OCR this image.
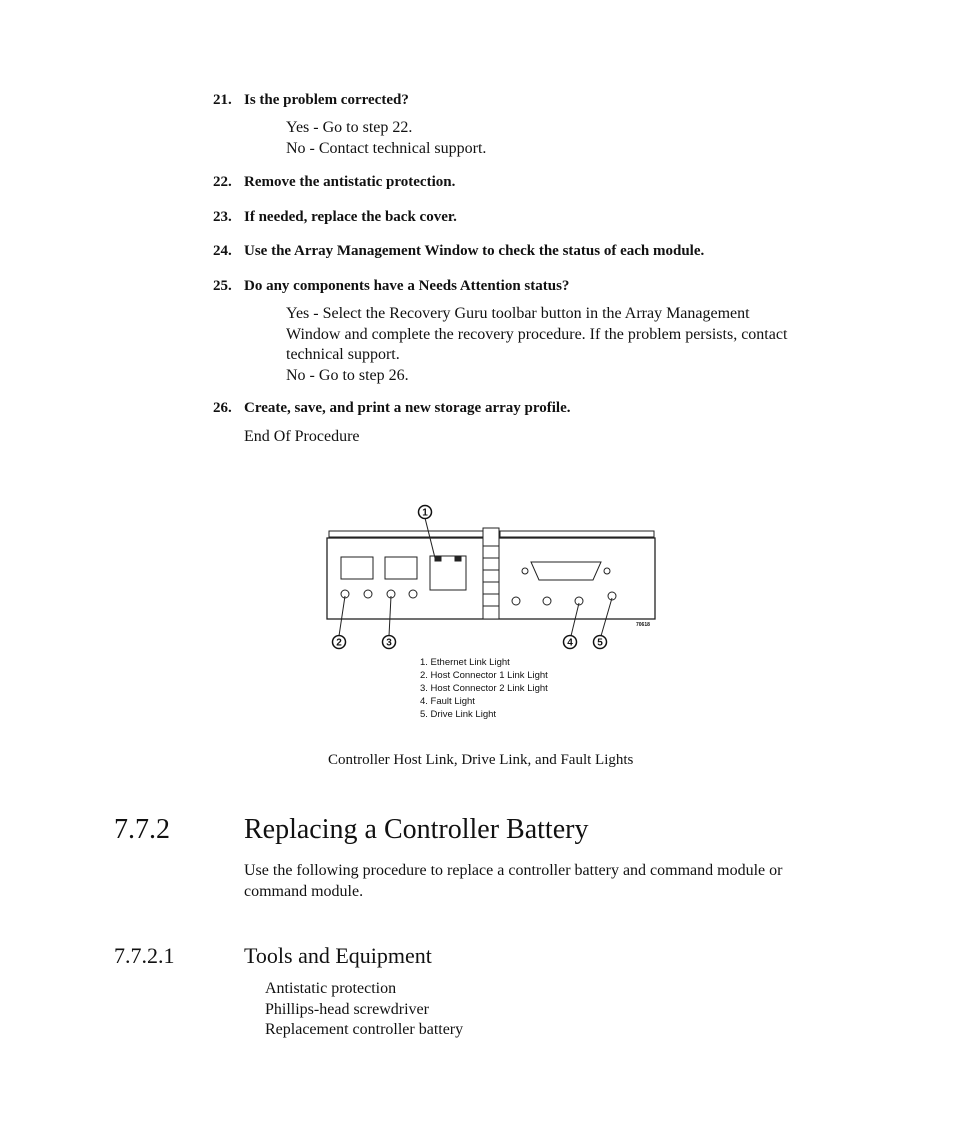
21. Is the problem corrected?
Yes - Go to step 22.
No - Contact technical support.
22. Remove the antistatic protection.
23. If needed, replace the back cover.
24. Use the Array Management Window to check the status of each module.
25. Do any components have a Needs Attention status?
Yes - Select the Recovery Guru toolbar button in the Array Management
Window and complete the recovery procedure. If the problem persists, contact
technical support.
No - Go to step 26.
26. Create, save, and print a new storage array profile.
End Of Procedure
1
2	3	4 5
70618
1. Ethernet Link Light
2. Host Connector 1 Link Light
3. Host Connector 2 Link Light
4. Fault Light
5. Drive Link Light
Controller Host Link, Drive Link, and Fault Lights
7.7.2	Replacing a Controller Battery
Use the following procedure to replace a controller battery and command module or
command module.
7.7.2.1	Tools and Equipment
Antistatic protection
Phillips-head screwdriver
Replacement controller battery
